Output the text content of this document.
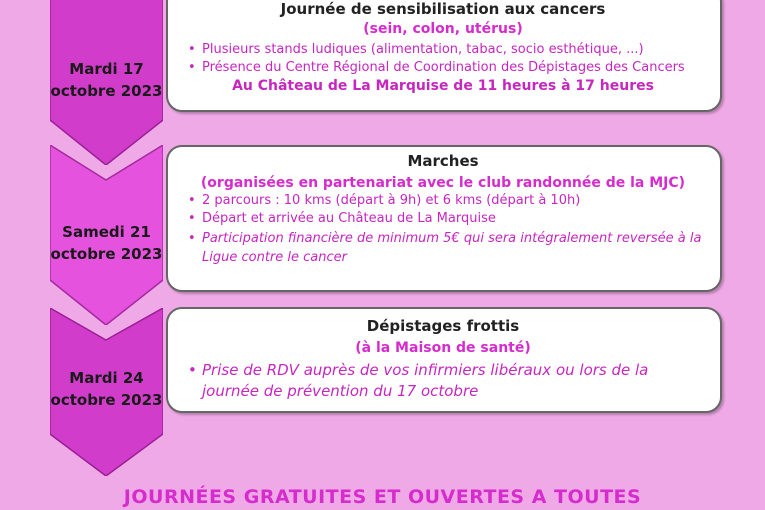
Mardi 17
octobre 2023
Journée de sensibilisation aux cancers
(sein, colon, utérus)
• Plusieurs stands ludiques (alimentation, tabac, socio esthétique, ...)
• Présence du Centre Régional de Coordination des Dépistages des Cancers
Au Château de La Marquise de 11 heures à 17 heures
Samedi 21
octobre 2023
Marches
(organisées en partenariat avec le club randonnée de la MJC)
• 2 parcours : 10 kms (départ à 9h) et 6 kms (départ à 10h)
• Départ et arrivée au Château de La Marquise
• Participation financière de minimum 5€ qui sera intégralement reversée à la Ligue contre le cancer
Mardi 24
octobre 2023
Dépistages frottis
(à la Maison de santé)
• Prise de RDV auprès de vos infirmiers libéraux ou lors de la journée de prévention du 17 octobre
JOURNÉES GRATUITES ET OUVERTES A TOUTES
